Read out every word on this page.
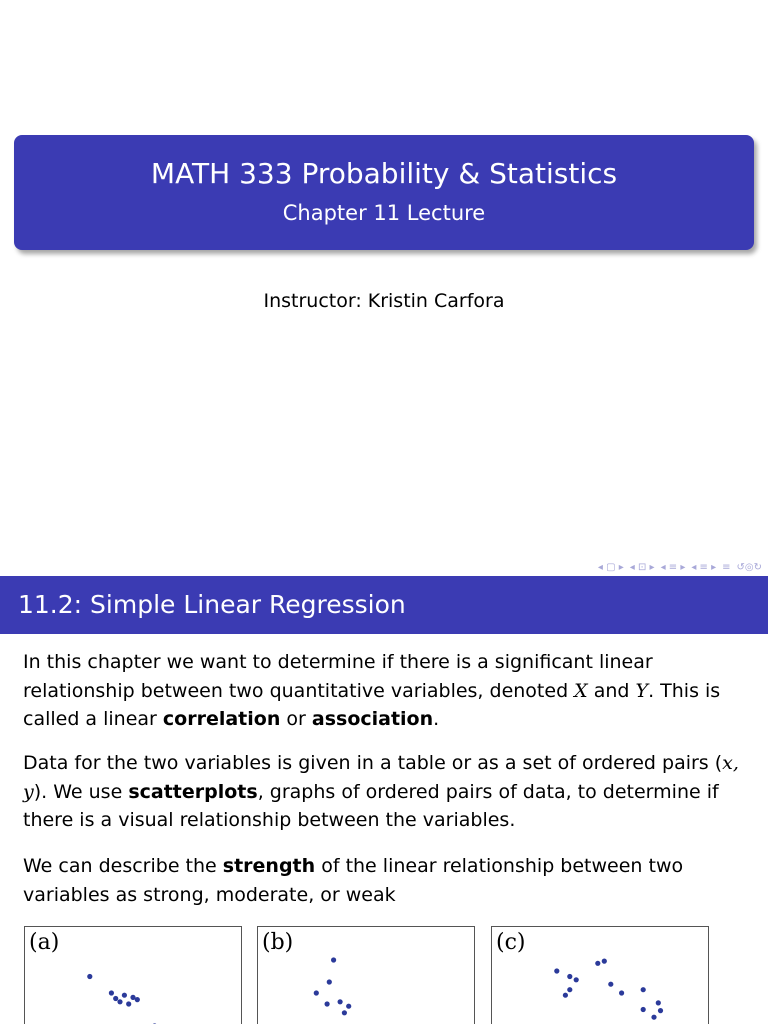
MATH 333 Probability & Statistics
Chapter 11 Lecture
Instructor: Kristin Carfora
◂ ▢ ▸ ◂ ⊡ ▸ ◂ ≡ ▸ ◂ ≡ ▸ ≡ ↺◎↻
11.2: Simple Linear Regression
In this chapter we want to determine if there is a significant linear relationship between two quantitative variables, denoted X and Y. This is called a linear correlation or association.
Data for the two variables is given in a table or as a set of ordered pairs (x, y). We use scatterplots, graphs of ordered pairs of data, to determine if there is a visual relationship between the variables.
We can describe the strength of the linear relationship between two variables as strong, moderate, or weak
(a)	(b)	(c)
